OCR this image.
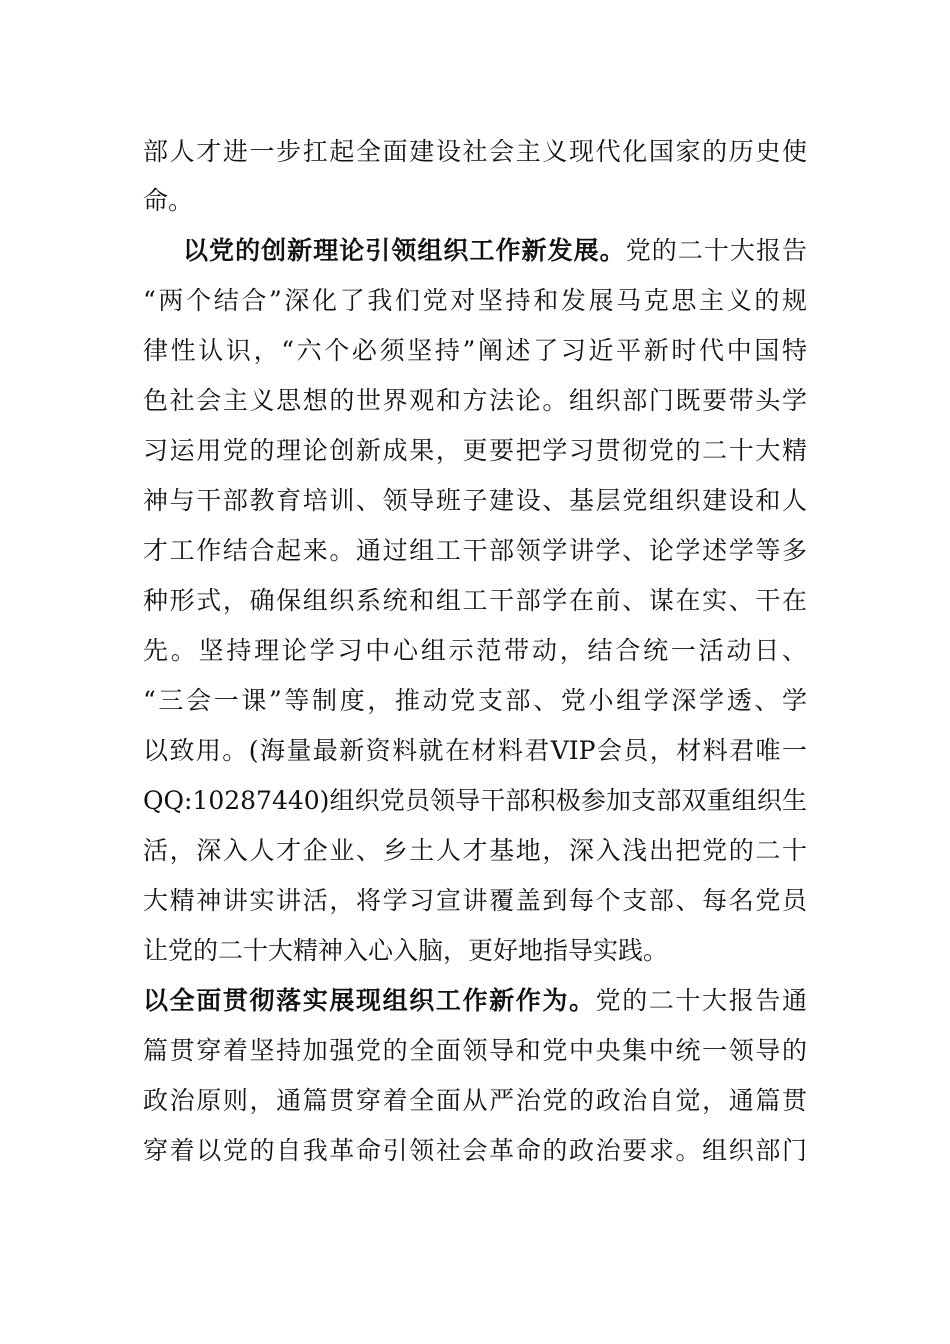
部人才进一步扛起全面建设社会主义现代化国家的历史使
命。
以党的创新理论引领组织工作新发展。党的二十大报告
“两个结合”深化了我们党对坚持和发展马克思主义的规
律性认识，“六个必须坚持”阐述了习近平新时代中国特
色社会主义思想的世界观和方法论。组织部门既要带头学
习运用党的理论创新成果，更要把学习贯彻党的二十大精
神与干部教育培训、领导班子建设、基层党组织建设和人
才工作结合起来。通过组工干部领学讲学、论学述学等多
种形式，确保组织系统和组工干部学在前、谋在实、干在
先。坚持理论学习中心组示范带动，结合统一活动日、
“三会一课”等制度，推动党支部、党小组学深学透、学
以致用。(海量最新资料就在材料君VIP会员，材料君唯一
QQ:10287440)组织党员领导干部积极参加支部双重组织生
活，深入人才企业、乡土人才基地，深入浅出把党的二十
大精神讲实讲活，将学习宣讲覆盖到每个支部、每名党员
让党的二十大精神入心入脑，更好地指导实践。
以全面贯彻落实展现组织工作新作为。党的二十大报告通
篇贯穿着坚持加强党的全面领导和党中央集中统一领导的
政治原则，通篇贯穿着全面从严治党的政治自觉，通篇贯
穿着以党的自我革命引领社会革命的政治要求。组织部门
